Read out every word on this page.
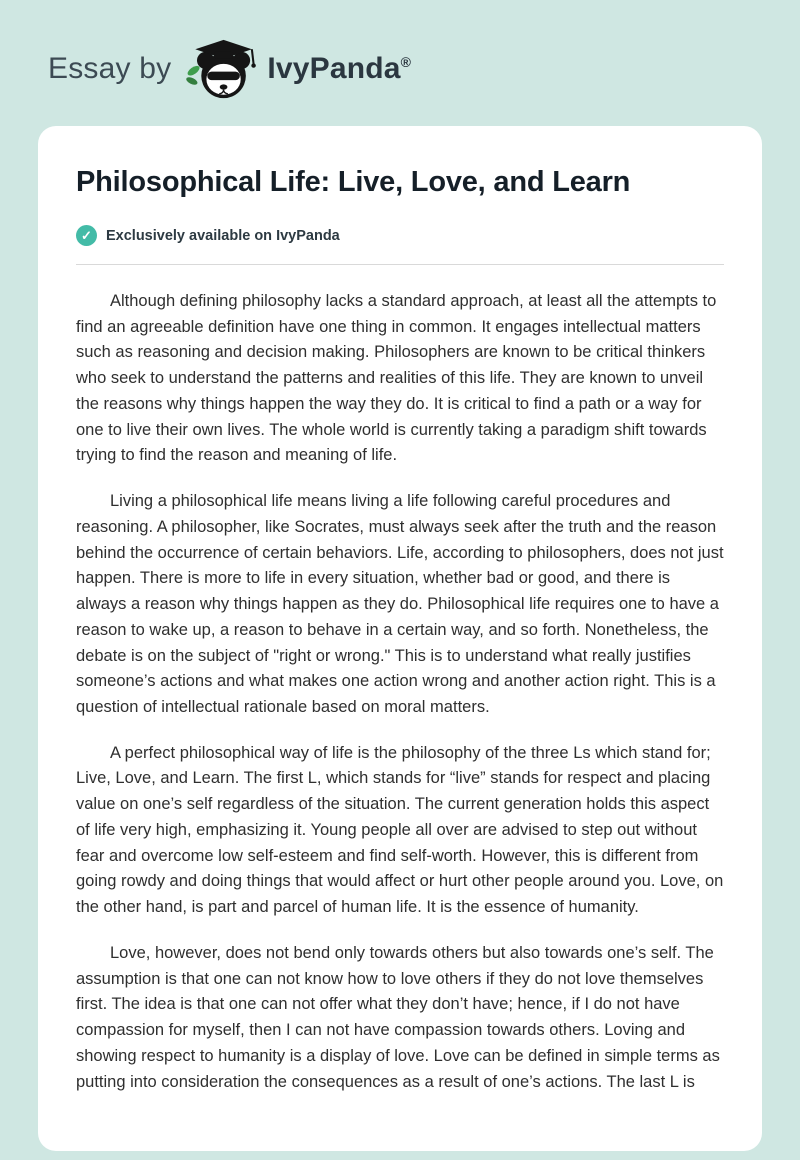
Essay by	IvyPanda®
Philosophical Life: Live, Love, and Learn
✓ Exclusively available on IvyPanda

Although defining philosophy lacks a standard approach, at least all the attempts to find an agreeable definition have one thing in common. It engages intellectual matters such as reasoning and decision making. Philosophers are known to be critical thinkers who seek to understand the patterns and realities of this life. They are known to unveil the reasons why things happen the way they do. It is critical to find a path or a way for one to live their own lives. The whole world is currently taking a paradigm shift towards trying to find the reason and meaning of life.

Living a philosophical life means living a life following careful procedures and reasoning. A philosopher, like Socrates, must always seek after the truth and the reason behind the occurrence of certain behaviors. Life, according to philosophers, does not just happen. There is more to life in every situation, whether bad or good, and there is always a reason why things happen as they do. Philosophical life requires one to have a reason to wake up, a reason to behave in a certain way, and so forth. Nonetheless, the debate is on the subject of "right or wrong." This is to understand what really justifies someone’s actions and what makes one action wrong and another action right. This is a question of intellectual rationale based on moral matters.

A perfect philosophical way of life is the philosophy of the three Ls which stand for; Live, Love, and Learn. The first L, which stands for “live” stands for respect and placing value on one’s self regardless of the situation. The current generation holds this aspect of life very high, emphasizing it. Young people all over are advised to step out without fear and overcome low self-esteem and find self-worth. However, this is different from going rowdy and doing things that would affect or hurt other people around you. Love, on the other hand, is part and parcel of human life. It is the essence of humanity.

Love, however, does not bend only towards others but also towards one’s self. The assumption is that one can not know how to love others if they do not love themselves first. The idea is that one can not offer what they don’t have; hence, if I do not have compassion for myself, then I can not have compassion towards others. Loving and showing respect to humanity is a display of love. Love can be defined in simple terms as putting into consideration the consequences as a result of one’s actions. The last L is
